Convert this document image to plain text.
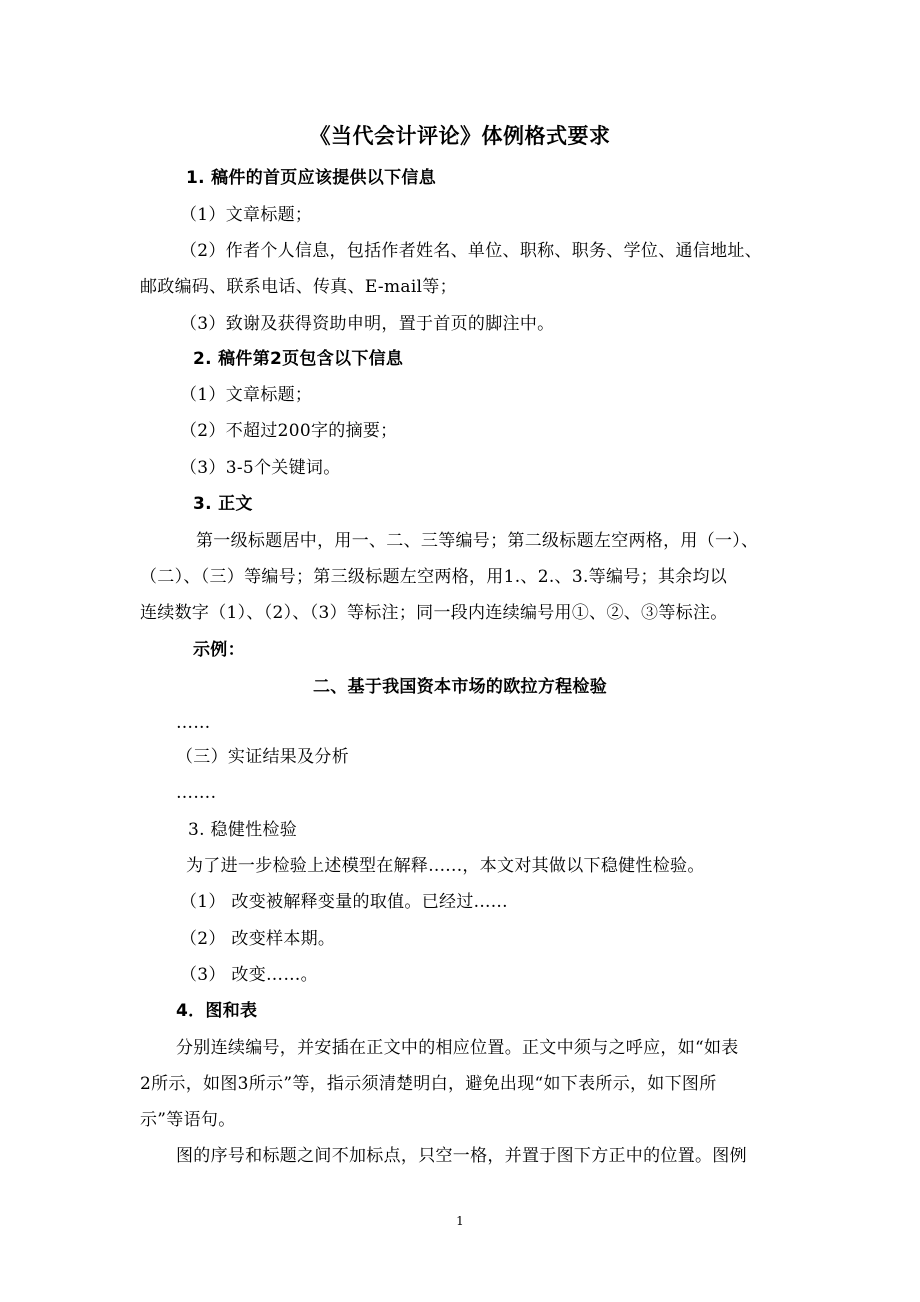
《当代会计评论》体例格式要求
1. 稿件的首页应该提供以下信息
（1）文章标题；
（2）作者个人信息，包括作者姓名、单位、职称、职务、学位、通信地址、
邮政编码、联系电话、传真、E-mail等；
（3）致谢及获得资助申明，置于首页的脚注中。
2. 稿件第2页包含以下信息
（1）文章标题；
（2）不超过200字的摘要；
（3）3-5个关键词。
3. 正文
第一级标题居中，用一、二、三等编号；第二级标题左空两格，用（一）、
（二）、（三）等编号；第三级标题左空两格，用1.、2.、3.等编号；其余均以
连续数字（1）、（2）、（3）等标注；同一段内连续编号用①、②、③等标注。
示例：
二、基于我国资本市场的欧拉方程检验
……
（三）实证结果及分析
…….
3. 稳健性检验
为了进一步检验上述模型在解释......，本文对其做以下稳健性检验。
（1） 改变被解释变量的取值。已经过......
（2） 改变样本期。
（3） 改变……。
4．图和表
分别连续编号，并安插在正文中的相应位置。正文中须与之呼应，如“如表
2所示，如图3所示”等，指示须清楚明白，避免出现“如下表所示，如下图所
示”等语句。
图的序号和标题之间不加标点，只空一格，并置于图下方正中的位置。图例
1
